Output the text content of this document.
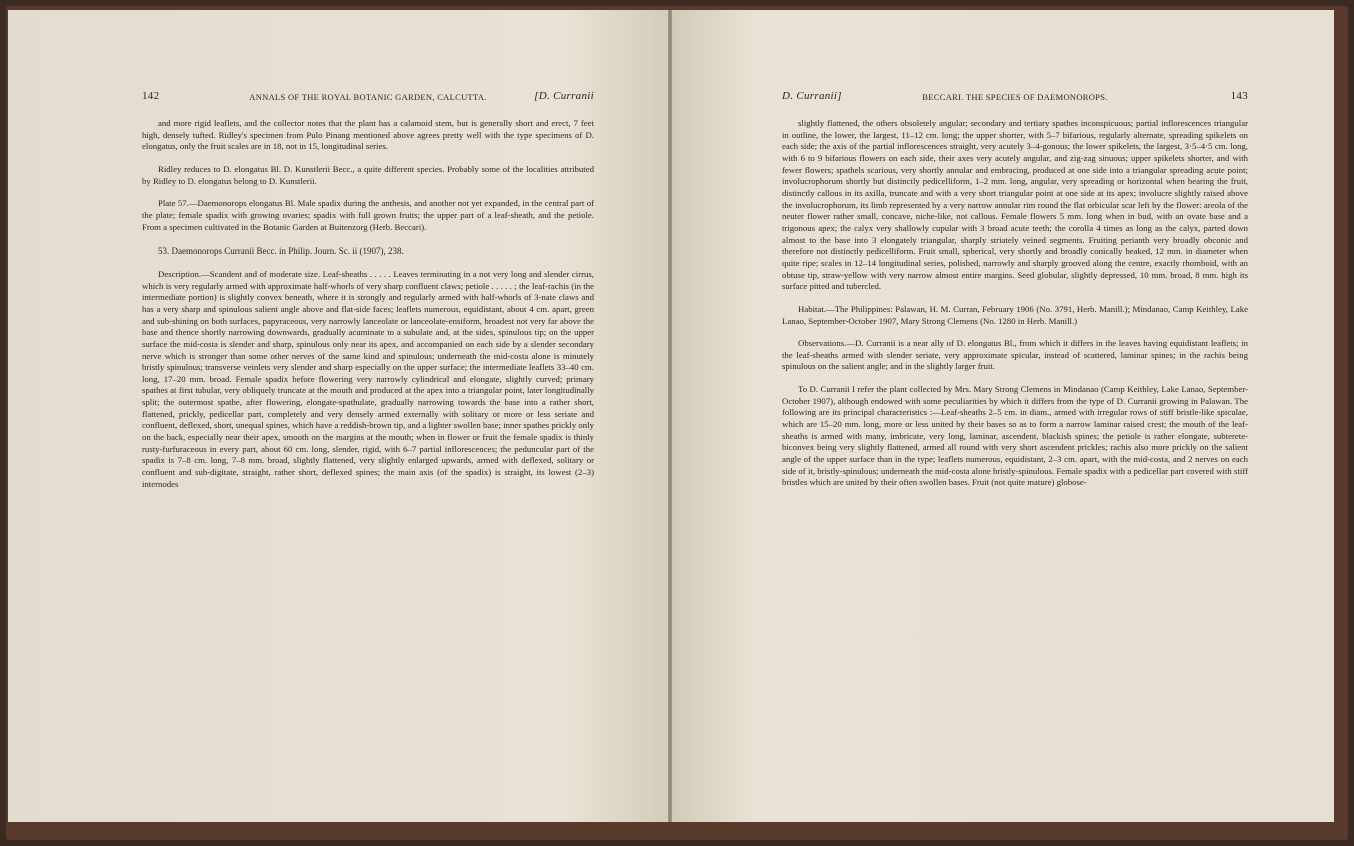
142	ANNALS OF THE ROYAL BOTANIC GARDEN, CALCUTTA.	[D. Curranii

and more rigid leaflets, and the collector notes that the plant has a calamoid stem, but is generally short and erect, 7 feet high, densely tufted. Ridley's specimen from Pulo Pinang mentioned above agrees pretty well with the type specimens of D. elongatus, only the fruit scales are in 18, not in 15, longitudinal series.

Ridley reduces to D. elongatus Bl. D. Kunstlerii Becc., a quite different species. Probably some of the localities attributed by Ridley to D. elongatus belong to D. Kunstlerii.

Plate 57.—Daemonorops elongatus Bl. Male spadix during the anthesis, and another not yet expanded, in the central part of the plate; female spadix with growing ovaries; spadix with full grown fruits; the upper part of a leaf-sheath, and the petiole. From a specimen cultivated in the Botanic Garden at Buitenzorg (Herb. Beccari).

53. Daemonorops Curranii Becc. in Philip. Journ. Sc. ii (1907), 238.

Description.—Scandent and of moderate size. Leaf-sheaths . . . . . Leaves terminating in a not very long and slender cirrus, which is very regularly armed with approximate half-whorls of very sharp confluent claws; petiole . . . . . ; the leaf-rachis (in the intermediate portion) is slightly convex beneath, where it is strongly and regularly armed with half-whorls of 3-nate claws and has a very sharp and spinulous salient angle above and flat-side faces; leaflets numerous, equidistant, about 4 cm. apart, green and sub-shining on both surfaces, papyraceous, very narrowly lanceolate or lanceolate-ensiform, broadest not very far above the base and thence shortly narrowing downwards, gradually acuminate to a subulate and, at the sides, spinulous tip; on the upper surface the mid-costa is slender and sharp, spinulous only near its apex, and accompanied on each side by a slender secondary nerve which is stronger than some other nerves of the same kind and spinulous; underneath the mid-costa alone is minutely bristly spinulous; transverse veinlets very slender and sharp especially on the upper surface; the intermediate leaflets 33–40 cm. long, 17–20 mm. broad. Female spadix before flowering very narrowly cylindrical and elongate, slightly curved; primary spathes at first tubular, very obliquely truncate at the mouth and produced at the apex into a triangular point, later longitudinally split; the outermost spathe, after flowering, elongate-spathulate, gradually narrowing towards the base into a rather short, flattened, prickly, pedicellar part, completely and very densely armed externally with solitary or more or less seriate and confluent, deflexed, short, unequal spines, which have a reddish-brown tip, and a lighter swollen base; inner spathes prickly only on the back, especially near their apex, smooth on the margins at the mouth; when in flower or fruit the female spadix is thinly rusty-furfuraceous in every part, about 60 cm. long, slender, rigid, with 6–7 partial inflorescences; the peduncular part of the spadix is 7–8 cm. long, 7–8 mm. broad, slightly flattened, very slightly enlarged upwards, armed with deflexed, solitary or confluent and sub-digitate, straight, rather short, deflexed spines; the main axis (of the spadix) is straight, its lowest (2–3) internodes

D. Curranii]	BECCARI. THE SPECIES OF DAEMONOROPS.	143

slightly flattened, the others obsoletely angular; secondary and tertiary spathes inconspicuous; partial inflorescences triangular in outline, the lower, the largest, 11–12 cm. long; the upper shorter, with 5–7 bifarious, regularly alternate, spreading spikelets on each side; the axis of the partial inflorescences straight, very acutely 3–4-gonous; the lower spikelets, the largest, 3·5–4·5 cm. long, with 6 to 9 bifarious flowers on each side, their axes very acutely angular, and zig-zag sinuous; upper spikelets shorter, and with fewer flowers; spathels scarious, very shortly annular and embracing, produced at one side into a triangular spreading acute point; involucrophorum shortly but distinctly pedicelliform, 1–2 mm. long, angular, very spreading or horizontal when bearing the fruit, distinctly callous in its axilla, truncate and with a very short triangular point at one side at its apex; involucre slightly raised above the involucrophorum, its limb represented by a very narrow annular rim round the flat orbicular scar left by the flower: areola of the neuter flower rather small, concave, niche-like, not callous. Female flowers 5 mm. long when in bud, with an ovate base and a trigonous apex; the calyx very shallowly cupular with 3 broad acute teeth; the corolla 4 times as long as the calyx, parted down almost to the base into 3 elongately triangular, sharply striately veined segments. Fruiting perianth very broadly obconic and therefore not distinctly pedicelliform. Fruit small, spherical, very shortly and broadly conically beaked, 12 mm. in diameter when quite ripe; scales in 12–14 longitudinal series, polished, narrowly and sharply grooved along the centre, exactly rhomboid, with an obtuse tip, straw-yellow with very narrow almost entire margins. Seed globular, slightly depressed, 10 mm. broad, 8 mm. high its surface pitted and tubercled.

Habitat.—The Philippines: Palawan, H. M. Curran, February 1906 (No. 3791, Herb. Manill.); Mindanao, Camp Keithley, Lake Lanao, September-October 1907, Mary Strong Clemens (No. 1280 in Herb. Manill.)

Observations.—D. Curranii is a near ally of D. elongatus Bl., from which it differs in the leaves having equidistant leaflets; in the leaf-sheaths armed with slender seriate, very approximate spicular, instead of scattered, laminar spines; in the rachis being spinulous on the salient angle; and in the slightly larger fruit.

To D. Curranii I refer the plant collected by Mrs. Mary Strong Clemens in Mindanao (Camp Keithley, Lake Lanao, September-October 1907), although endowed with some peculiarities by which it differs from the type of D. Curranii growing in Palawan. The following are its principal characteristics :—Leaf-sheaths 2–5 cm. in diam., armed with irregular rows of stiff bristle-like spiculae, which are 15–20 mm. long, more or less united by their bases so as to form a narrow laminar raised crest; the mouth of the leaf-sheaths is armed with many, imbricate, very long, laminar, ascendent, blackish spines; the petiole is rather elongate, subterete-biconvex being very slightly flattened, armed all round with very short ascendent prickles; rachis also more prickly on the salient angle of the upper surface than in the type; leaflets numerous, equidistant, 2–3 cm. apart, with the mid-costa, and 2 nerves on each side of it, bristly-spinulous; underneath the mid-costa alone bristly-spinulous. Female spadix with a pedicellar part covered with stiff bristles which are united by their often swollen bases. Fruit (not quite mature) globose-
